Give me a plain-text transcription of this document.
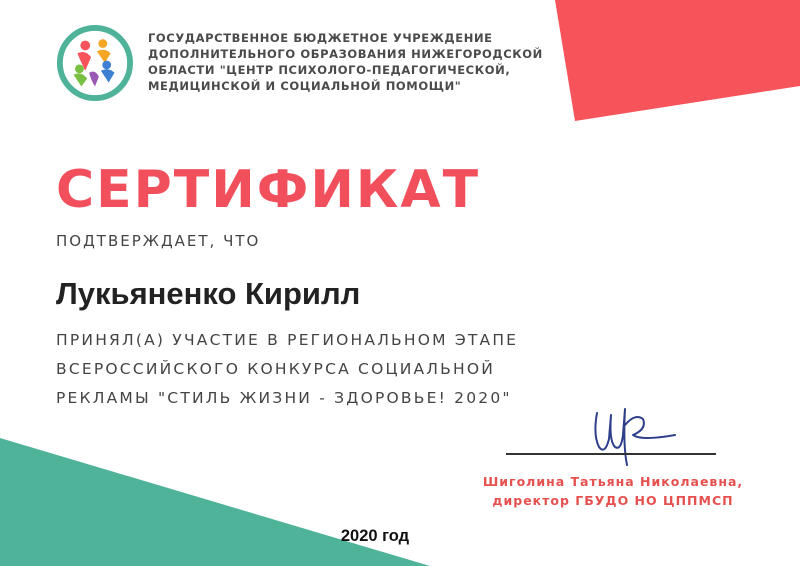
ГОСУДАРСТВЕННОЕ БЮДЖЕТНОЕ УЧРЕЖДЕНИЕ
ДОПОЛНИТЕЛЬНОГО ОБРАЗОВАНИЯ НИЖЕГОРОДСКОЙ
ОБЛАСТИ "ЦЕНТР ПСИХОЛОГО-ПЕДАГОГИЧЕСКОЙ,
МЕДИЦИНСКОЙ И СОЦИАЛЬНОЙ ПОМОЩИ"
СЕРТИФИКАТ
ПОДТВЕРЖДАЕТ, ЧТО
Лукьяненко Кирилл
ПРИНЯЛ(А) УЧАСТИЕ В РЕГИОНАЛЬНОМ ЭТАПЕ
ВСЕРОССИЙСКОГО КОНКУРСА СОЦИАЛЬНОЙ
РЕКЛАМЫ "СТИЛЬ ЖИЗНИ - ЗДОРОВЬЕ! 2020"
Шиголина Татьяна Николаевна,
директор ГБУДО НО ЦППМСП
2020 год
